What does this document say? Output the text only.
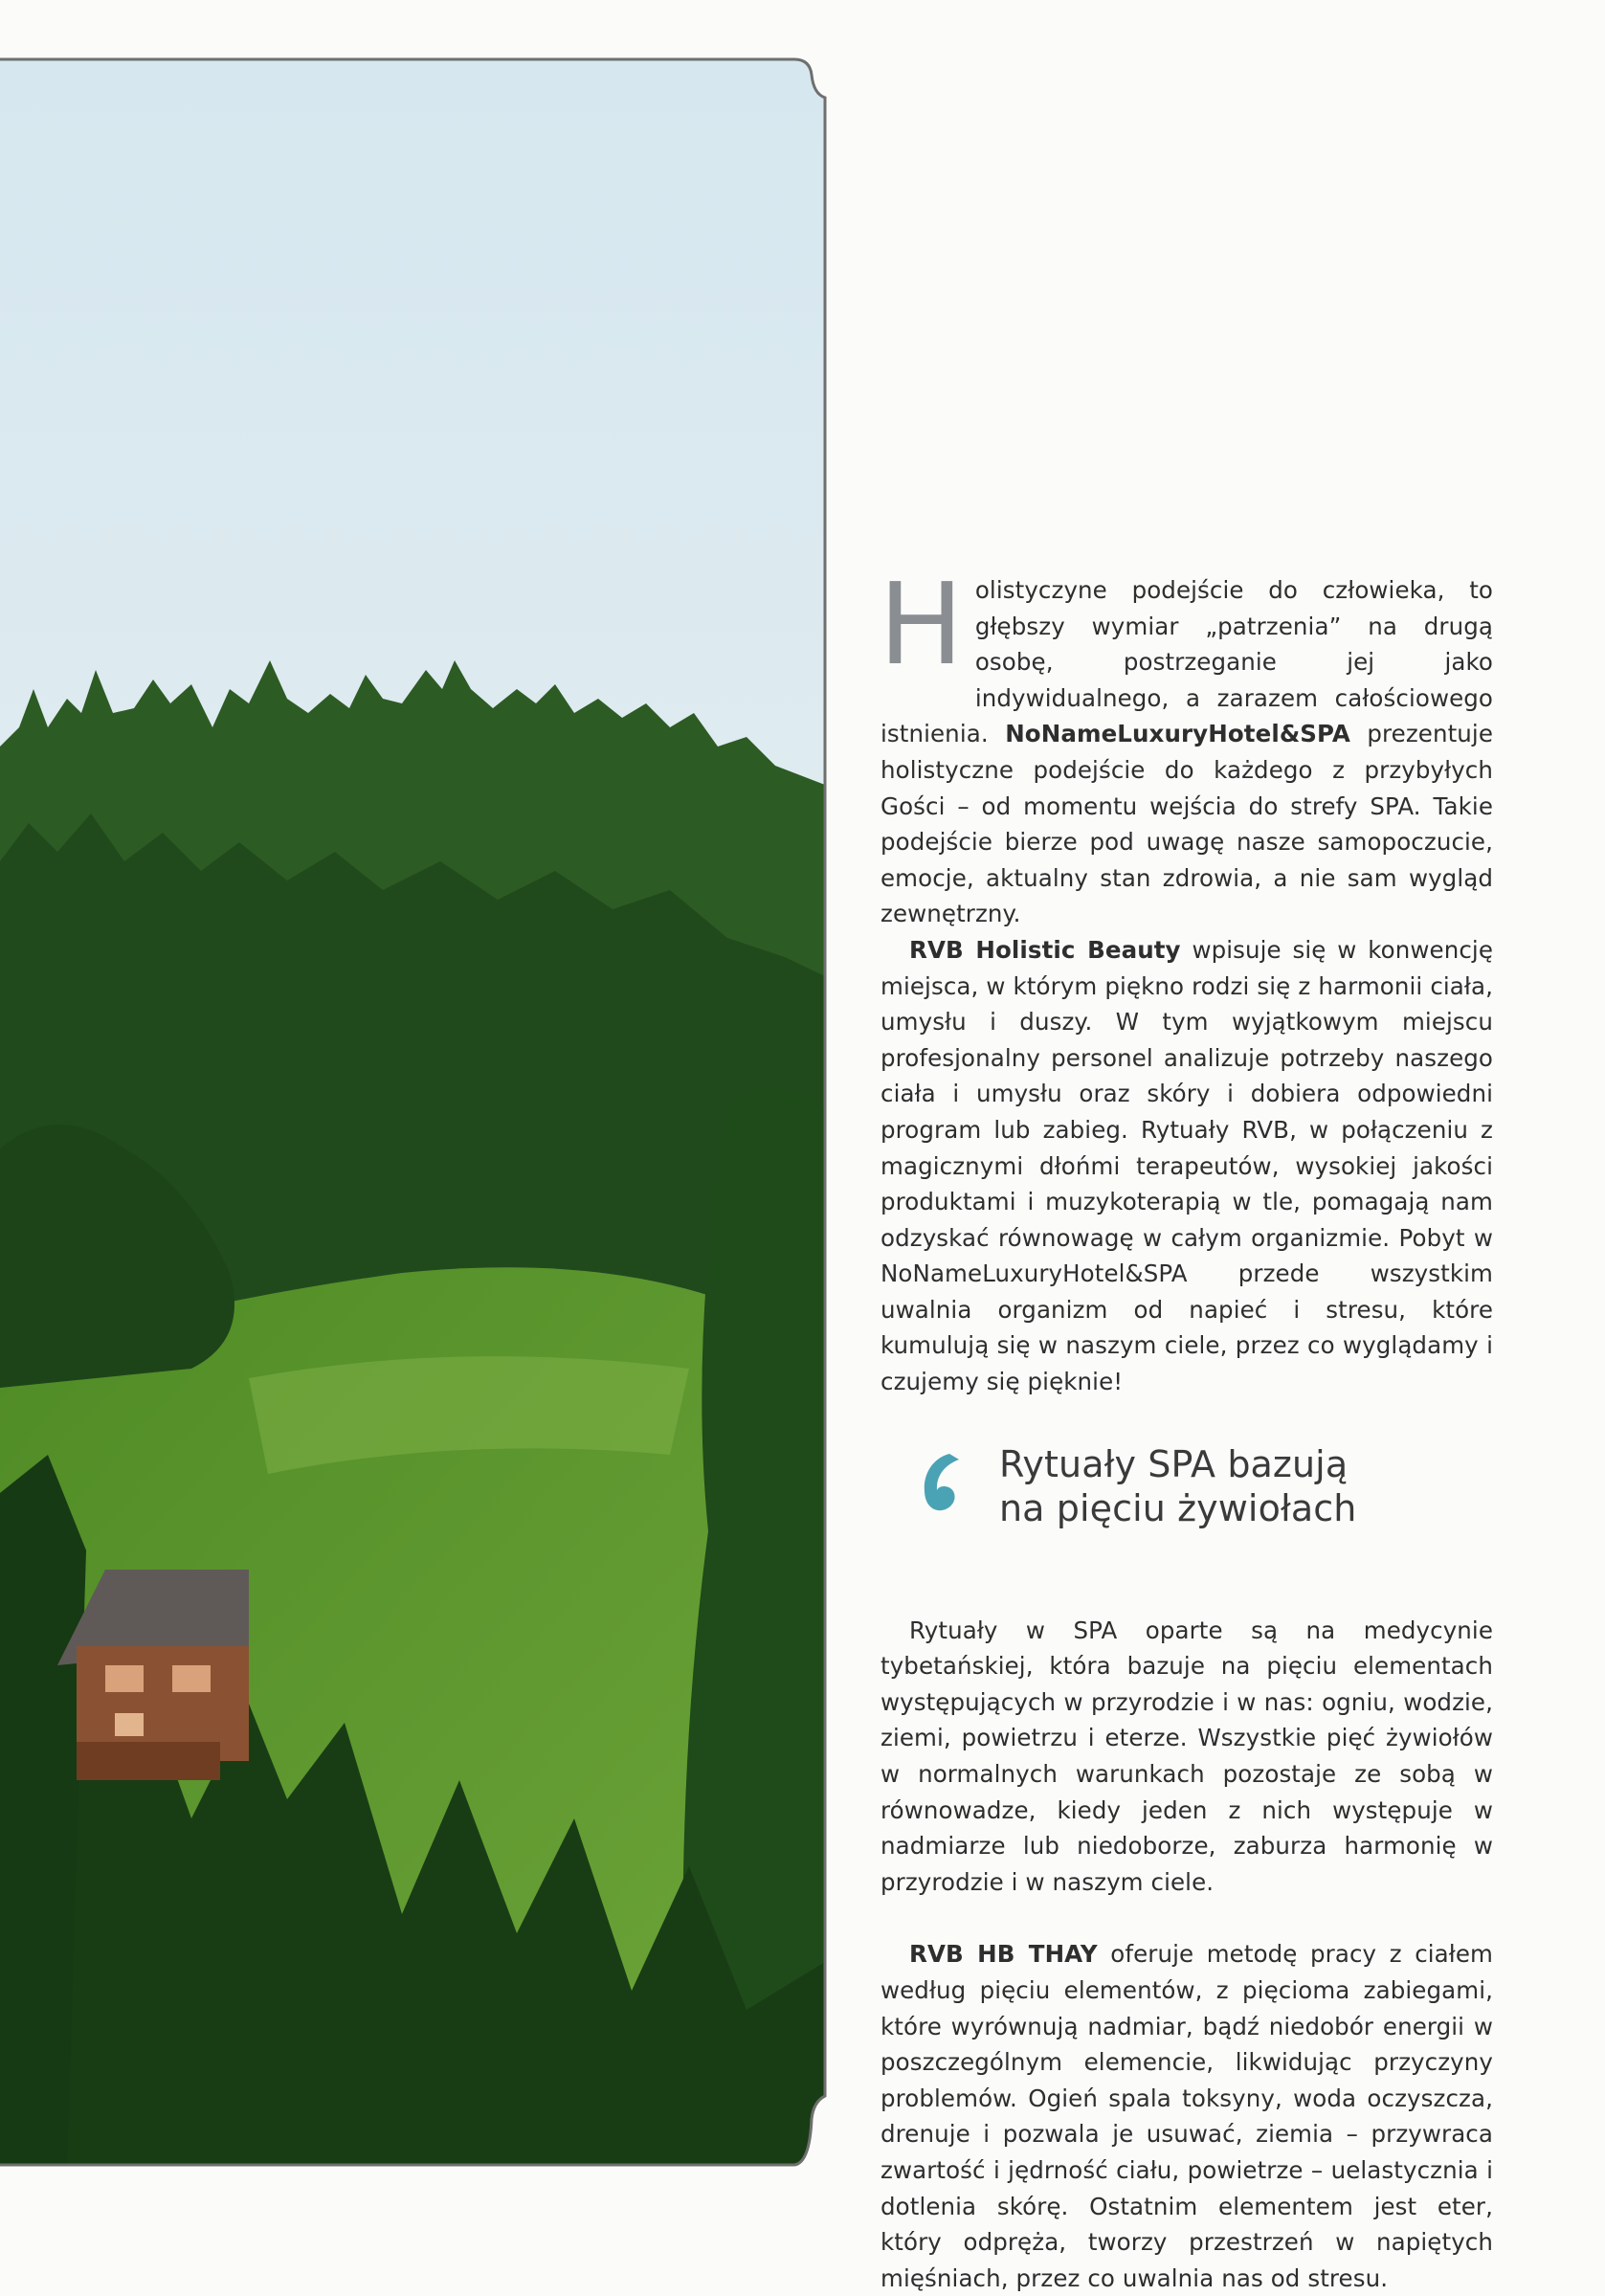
Holistyczyne podejście do człowieka, to głębszy wymiar „patrzenia” na drugą osobę, postrzeganie jej jako indywidualnego, a zarazem całościowego istnienia. NoNameLuxuryHotel&SPA prezentuje holistyczne podejście do każdego z przybyłych Gości – od momentu wejścia do strefy SPA. Takie podejście bierze pod uwagę nasze samopoczucie, emocje, aktualny stan zdrowia, a nie sam wygląd zewnętrzny.

RVB Holistic Beauty wpisuje się w konwencję miejsca, w którym piękno rodzi się z harmonii ciała, umysłu i duszy. W tym wyjątkowym miejscu profesjonalny personel analizuje potrzeby naszego ciała i umysłu oraz skóry i dobiera odpowiedni program lub zabieg. Rytuały RVB, w połączeniu z magicznymi dłońmi terapeutów, wysokiej jakości produktami i muzykoterapią w tle, pomagają nam odzyskać równowagę w całym organizmie. Pobyt w NoNameLuxuryHotel&SPA przede wszystkim uwalnia organizm od napieć i stresu, które kumulują się w naszym ciele, przez co wyglądamy i czujemy się pięknie!

Rytuały SPA bazują
na pięciu żywiołach

Rytuały w SPA oparte są na medycynie tybetańskiej, która bazuje na pięciu elementach występujących w przyrodzie i w nas: ogniu, wodzie, ziemi, powietrzu i eterze. Wszystkie pięć żywiołów w normalnych warunkach pozostaje ze sobą w równowadze, kiedy jeden z nich występuje w nadmiarze lub niedoborze, zaburza harmonię w przyrodzie i w naszym ciele.

RVB HB THAY oferuje metodę pracy z ciałem według pięciu elementów, z pięcioma zabiegami, które wyrównują nadmiar, bądź niedobór energii w poszczególnym elemencie, likwidując przyczyny problemów. Ogień spala toksyny, woda oczyszcza, drenuje i pozwala je usuwać, ziemia – przywraca zwartość i jędrność ciału, powietrze – uelastycznia i dotlenia skórę. Ostatnim elementem jest eter, który odpręża, tworzy przestrzeń w napiętych mięśniach, przez co uwalnia nas od stresu.
